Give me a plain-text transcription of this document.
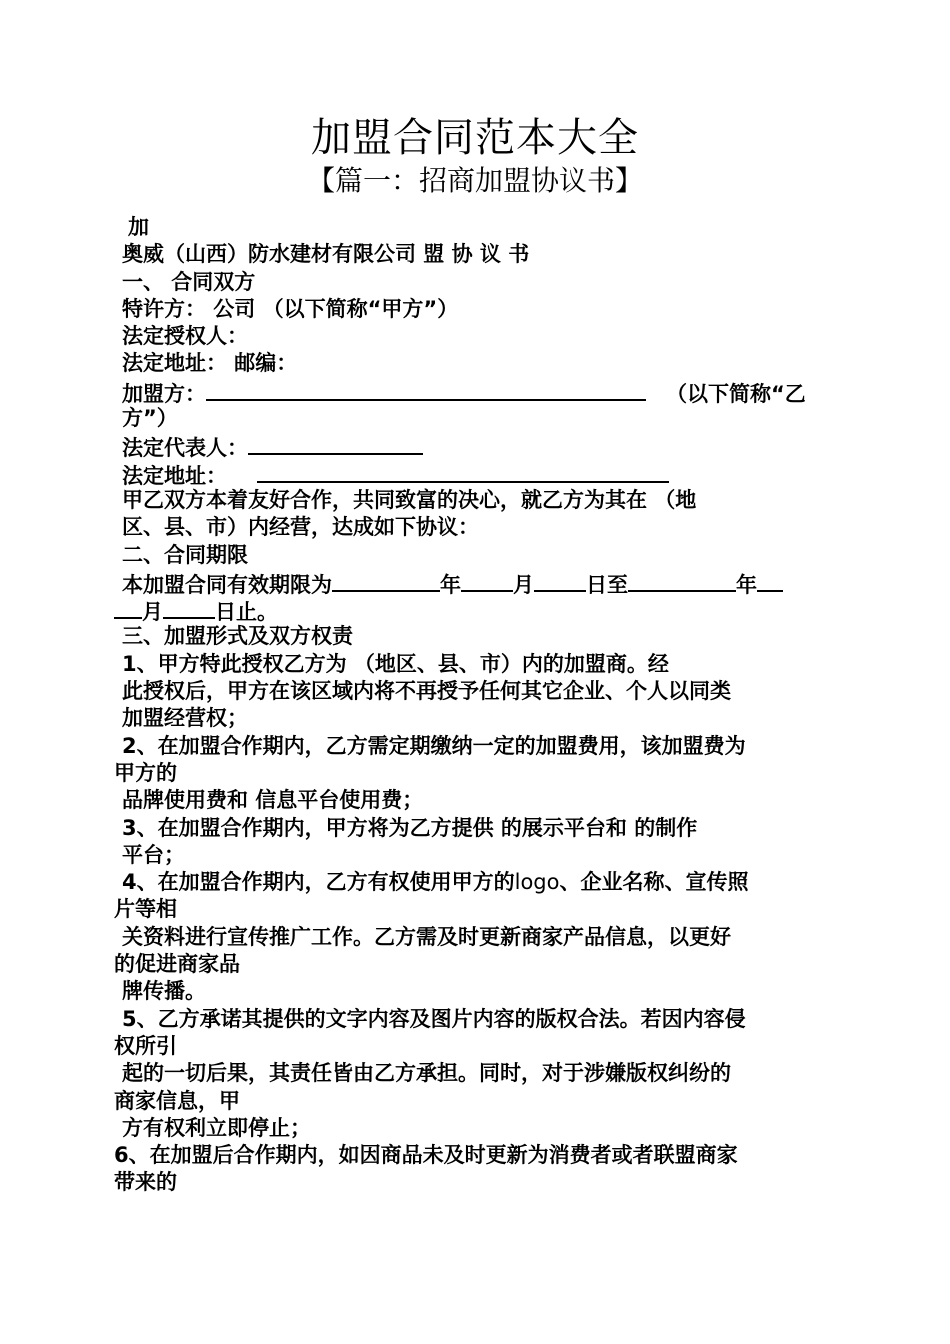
加盟合同范本大全
【篇一：招商加盟协议书】
加
奥威（山西）防水建材有限公司 盟 协 议 书
一、 合同双方
特许方： 公司 （以下简称“甲方”）
法定授权人：
法定地址： 邮编：
加盟方：	（以下简称“乙
方”）
法定代表人：
法定地址：
甲乙双方本着友好合作，共同致富的决心，就乙方为其在 （地
区、县、市）内经营，达成如下协议：
二、合同期限
本加盟合同有效期限为	年 月 日至	年
月 日止。
三、加盟形式及双方权责
1、甲方特此授权乙方为 （地区、县、市）内的加盟商。经
此授权后，甲方在该区域内将不再授予任何其它企业、个人以同类
加盟经营权；
2、在加盟合作期内，乙方需定期缴纳一定的加盟费用，该加盟费为
甲方的
品牌使用费和 信息平台使用费；
3、在加盟合作期内，甲方将为乙方提供 的展示平台和 的制作
平台；
4、在加盟合作期内，乙方有权使用甲方的logo、企业名称、宣传照
片等相
关资料进行宣传推广工作。乙方需及时更新商家产品信息，以更好
的促进商家品
牌传播。
5、乙方承诺其提供的文字内容及图片内容的版权合法。若因内容侵
权所引
起的一切后果，其责任皆由乙方承担。同时，对于涉嫌版权纠纷的
商家信息，甲
方有权利立即停止；
6、在加盟后合作期内，如因商品未及时更新为消费者或者联盟商家
带来的
